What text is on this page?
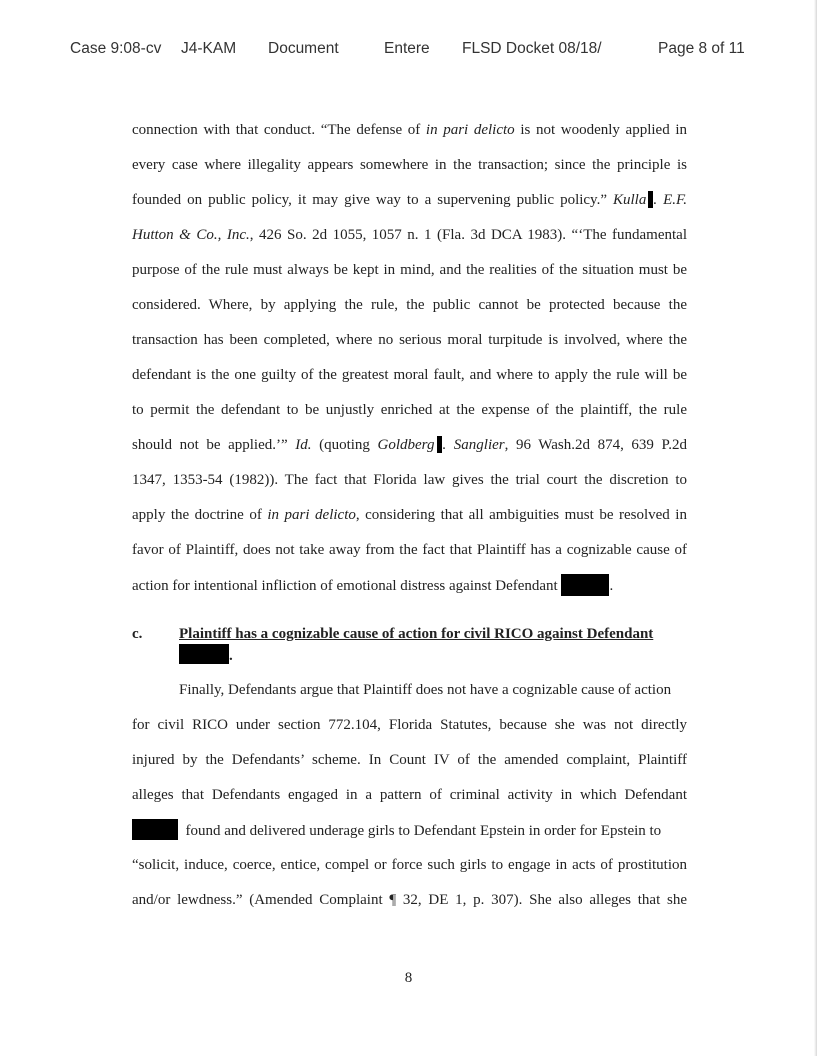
Case 9:08-cv J4-KAM Document	Entere FLSD Docket 08/18/	Page 8 of 11
connection with that conduct. “The defense of in pari delicto is not woodenly applied in
every case where illegality appears somewhere in the transaction; since the principle is
founded on public policy, it may give way to a supervening public policy.” Kulla . E.F.
Hutton & Co., Inc., 426 So. 2d 1055, 1057 n. 1 (Fla. 3d DCA 1983). “‘The fundamental
purpose of the rule must always be kept in mind, and the realities of the situation must be
considered. Where, by applying the rule, the public cannot be protected because the
transaction has been completed, where no serious moral turpitude is involved, where the
defendant is the one guilty of the greatest moral fault, and where to apply the rule will be
to permit the defendant to be unjustly enriched at the expense of the plaintiff, the rule
should not be applied.’” Id. (quoting Goldberg . Sanglier, 96 Wash.2d 874, 639 P.2d
1347, 1353-54 (1982)). The fact that Florida law gives the trial court the discretion to
apply the doctrine of in pari delicto, considering that all ambiguities must be resolved in
favor of Plaintiff, does not take away from the fact that Plaintiff has a cognizable cause of
action for intentional infliction of emotional distress against Defendant	.
c. Plaintiff has a cognizable cause of action for civil RICO against Defendant
.
Finally, Defendants argue that Plaintiff does not have a cognizable cause of action
for civil RICO under section 772.104, Florida Statutes, because she was not directly
injured by the Defendants’ scheme. In Count IV of the amended complaint, Plaintiff
alleges that Defendants engaged in a pattern of criminal activity in which Defendant
found and delivered underage girls to Defendant Epstein in order for Epstein to
“solicit, induce, coerce, entice, compel or force such girls to engage in acts of prostitution
and/or lewdness.” (Amended Complaint ¶ 32, DE 1, p. 307). She also alleges that she
8
